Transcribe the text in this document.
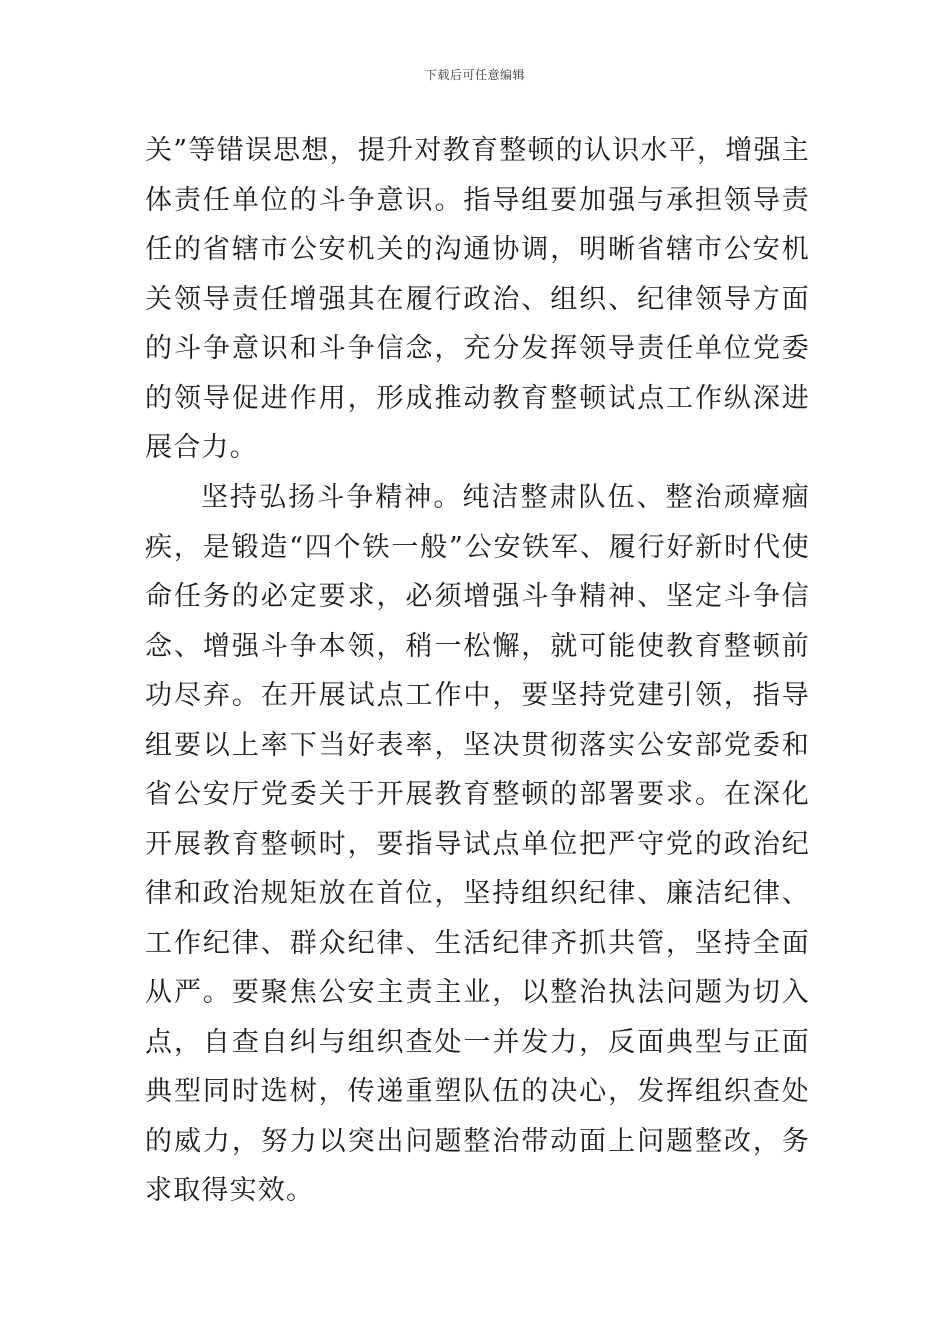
下载后可任意编辑

关”等错误思想，提升对教育整顿的认识水平，增强主体责任单位的斗争意识。指导组要加强与承担领导责任的省辖市公安机关的沟通协调，明晰省辖市公安机关领导责任增强其在履行政治、组织、纪律领导方面的斗争意识和斗争信念，充分发挥领导责任单位党委的领导促进作用，形成推动教育整顿试点工作纵深进展合力。

坚持弘扬斗争精神。纯洁整肃队伍、整治顽瘴痼疾，是锻造“四个铁一般”公安铁军、履行好新时代使命任务的必定要求，必须增强斗争精神、坚定斗争信念、增强斗争本领，稍一松懈，就可能使教育整顿前功尽弃。在开展试点工作中，要坚持党建引领，指导组要以上率下当好表率，坚决贯彻落实公安部党委和省公安厅党委关于开展教育整顿的部署要求。在深化开展教育整顿时，要指导试点单位把严守党的政治纪律和政治规矩放在首位，坚持组织纪律、廉洁纪律、工作纪律、群众纪律、生活纪律齐抓共管，坚持全面从严。要聚焦公安主责主业，以整治执法问题为切入点，自查自纠与组织查处一并发力，反面典型与正面典型同时选树，传递重塑队伍的决心，发挥组织查处的威力，努力以突出问题整治带动面上问题整改，务求取得实效。
